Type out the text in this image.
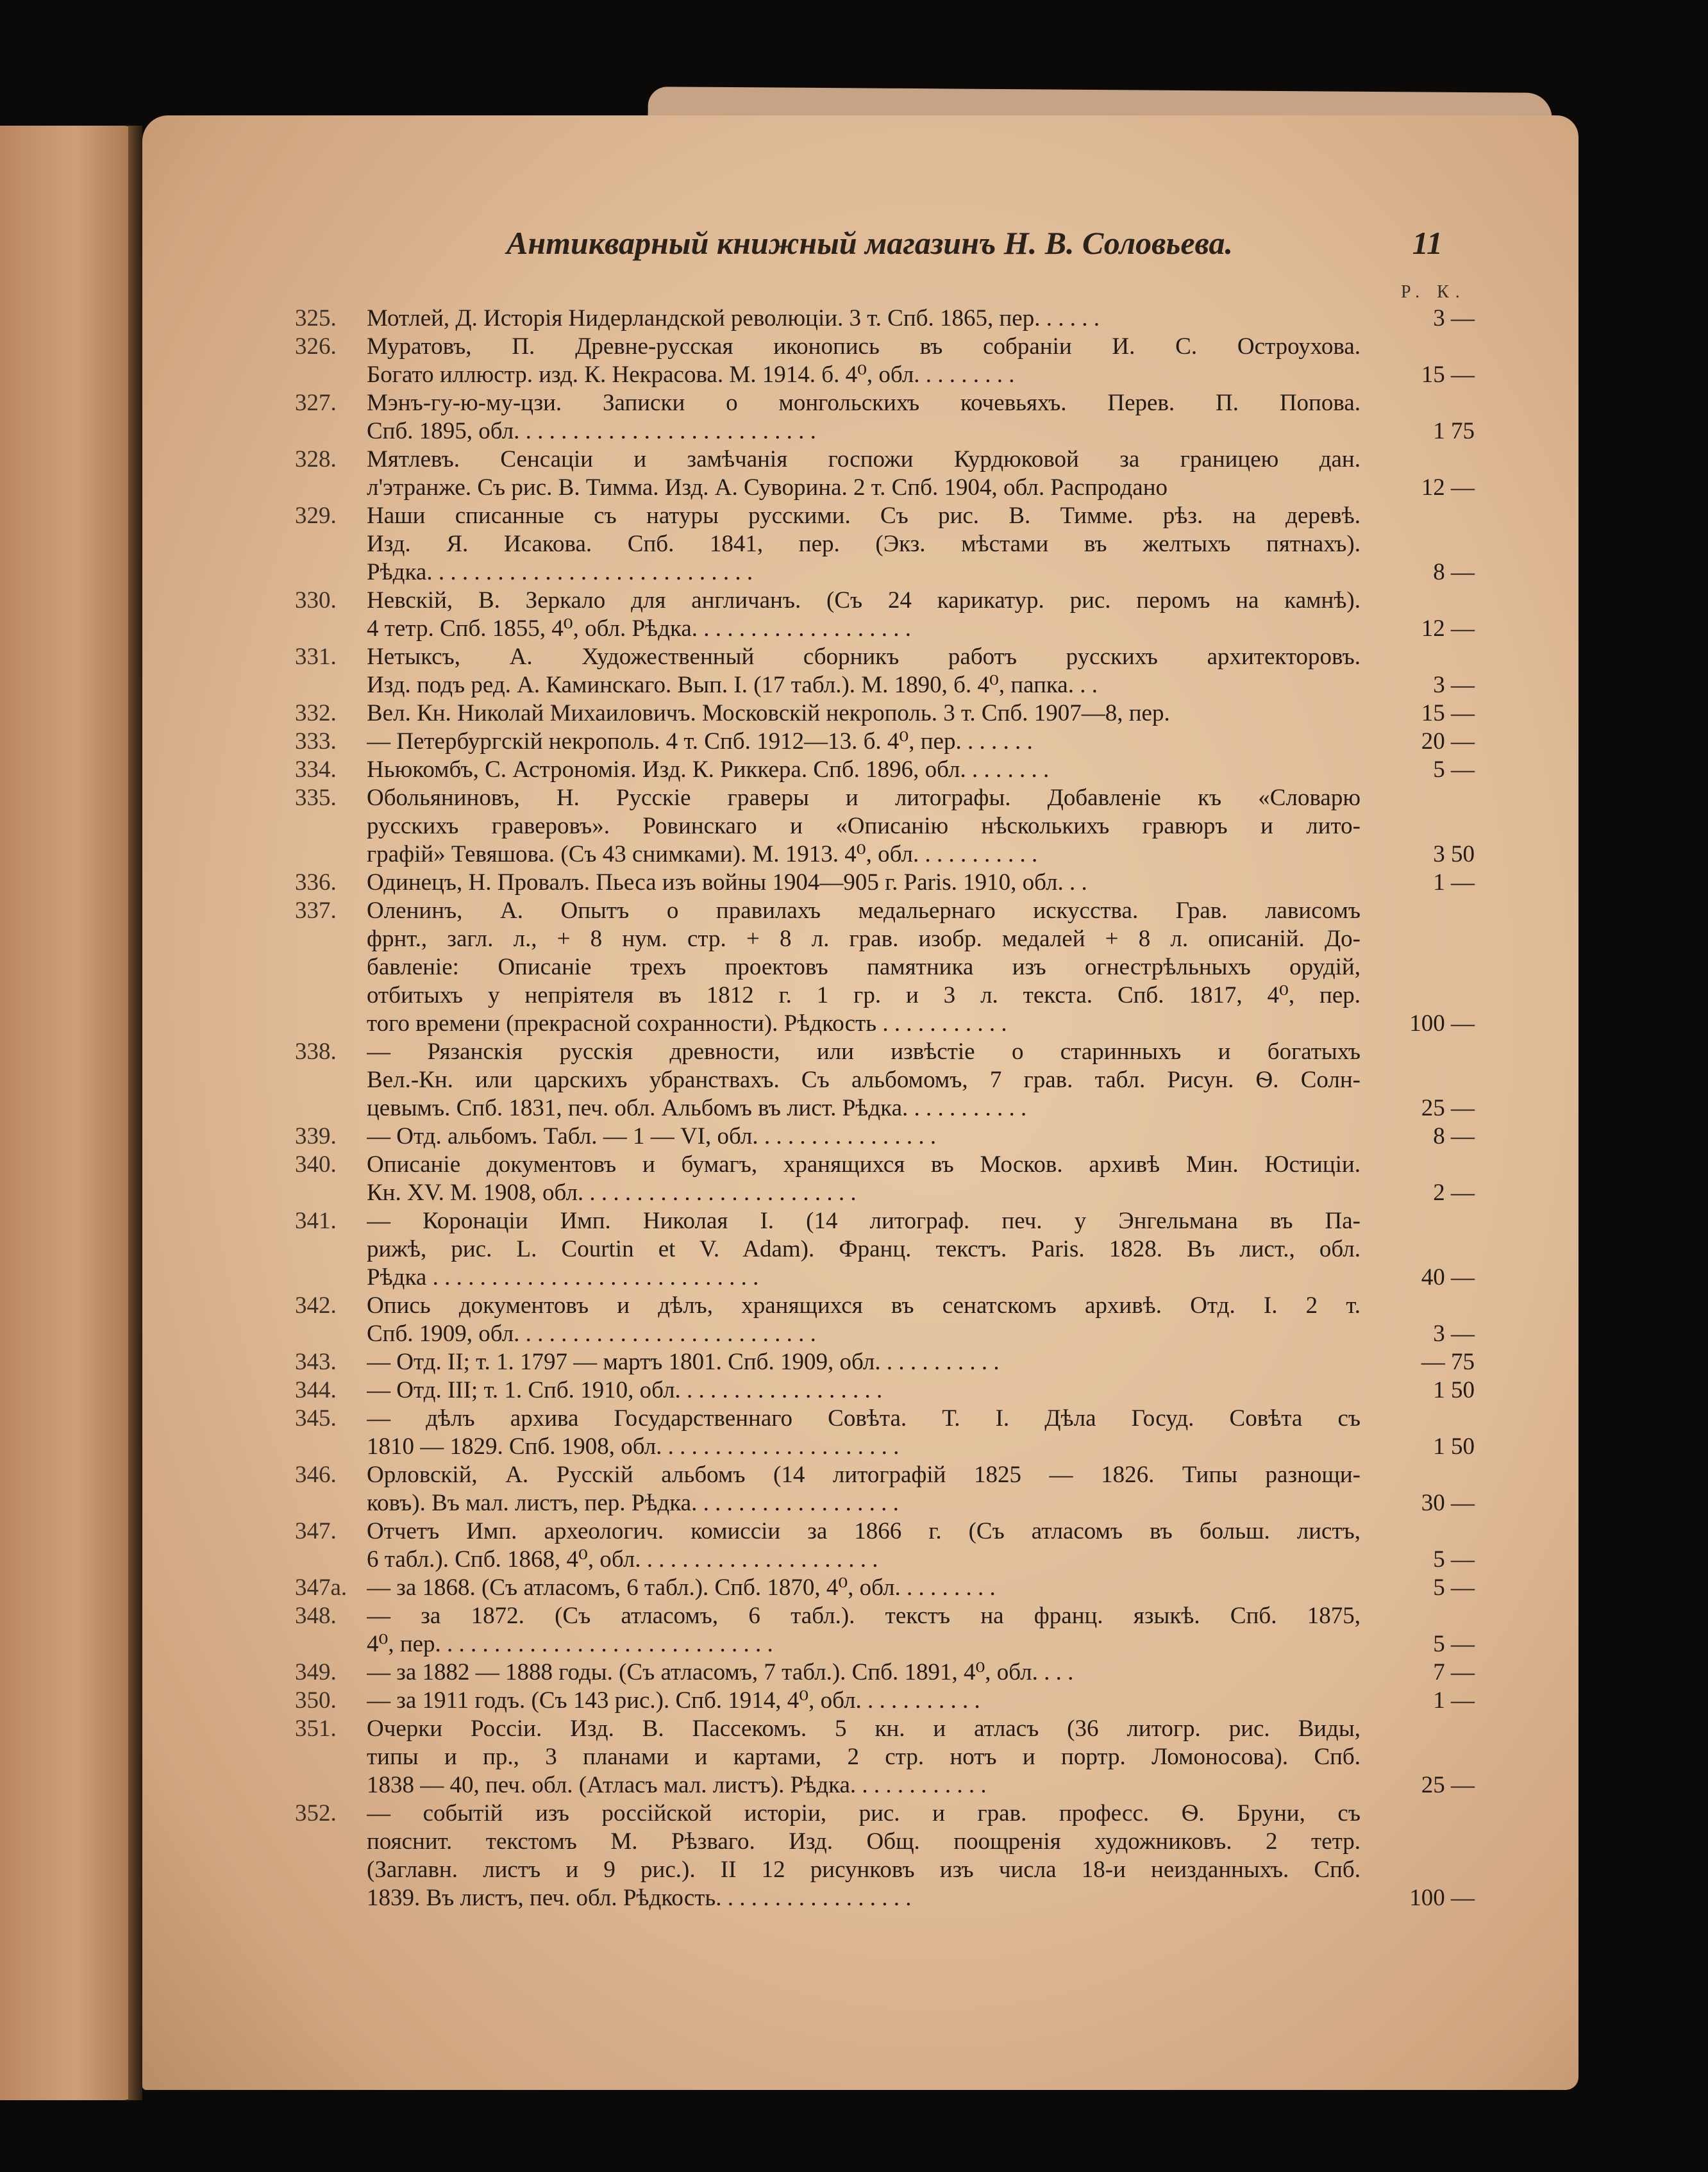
Антикварный книжный магазинъ Н. В. Соловьева.	11
Р. К.
325.	Мотлей, Д. Исторія Нидерландской революціи. 3 т. Спб. 1865, пер. . . . . .	3 —
326.	Муратовъ, П. Древне-русская иконопись въ собраніи И. С. Остроухова.
Богато иллюстр. изд. К. Некрасова. М. 1914. б. 4⁰, обл. . . . . . . . .	15 —
327.	Мэнъ-гу-ю-му-цзи. Записки о монгольскихъ кочевьяхъ. Перев. П. Попова.
Спб. 1895, обл. . . . . . . . . . . . . . . . . . . . . . . . . .	1 75
328.	Мятлевъ. Сенсаціи и замѣчанія госпожи Курдюковой за границею дан.
л'этранже. Съ рис. В. Тимма. Изд. А. Суворина. 2 т. Спб. 1904, обл. Распродано	12 —
329.	Наши списанные съ натуры русскими. Съ рис. В. Тимме. рѣз. на деревѣ.
Изд. Я. Исакова. Спб. 1841, пер. (Экз. мѣстами въ желтыхъ пятнахъ).
Рѣдка. . . . . . . . . . . . . . . . . . . . . . . . . . . .	8 —
330.	Невскій, В. Зеркало для англичанъ. (Съ 24 карикатур. рис. перомъ на камнѣ).
4 тетр. Спб. 1855, 4⁰, обл. Рѣдка. . . . . . . . . . . . . . . . . . .	12 —
331.	Нетыксъ, А. Художественный сборникъ работъ русскихъ архитекторовъ.
Изд. подъ ред. А. Каминскаго. Вып. I. (17 табл.). М. 1890, б. 4⁰, папка. . .	3 —
332.	Вел. Кн. Николай Михаиловичъ. Московскій некрополь. 3 т. Спб. 1907—8, пер.	15 —
333.	— Петербургскій некрополь. 4 т. Спб. 1912—13. б. 4⁰, пер. . . . . . .	20 —
334.	Ньюкомбъ, С. Астрономія. Изд. К. Риккера. Спб. 1896, обл. . . . . . . .	5 —
335.	Обольяниновъ, Н. Русскіе граверы и литографы. Добавленіе къ «Словарю
русскихъ граверовъ». Ровинскаго и «Описанію нѣсколькихъ гравюръ и лито-
графій» Тевяшова. (Съ 43 снимками). М. 1913. 4⁰, обл. . . . . . . . . . .	3 50
336.	Одинецъ, Н. Провалъ. Пьеса изъ войны 1904—905 г. Paris. 1910, обл. . .	1 —
337.	Оленинъ, А. Опытъ о правилахъ медальернаго искусства. Грав. лависомъ
фрнт., загл. л., + 8 нум. стр. + 8 л. грав. изобр. медалей + 8 л. описаній. До-
бавленіе: Описаніе трехъ проектовъ памятника изъ огнестрѣльныхъ орудій,
отбитыхъ у непріятеля въ 1812 г. 1 гр. и 3 л. текста. Спб. 1817, 4⁰, пер.
того времени (прекрасной сохранности). Рѣдкость . . . . . . . . . . .	100 —
338.	— Рязанскія русскія древности, или извѣстіе о старинныхъ и богатыхъ
Вел.-Кн. или царскихъ убранствахъ. Съ альбомомъ, 7 грав. табл. Рисун. Ѳ. Солн-
цевымъ. Спб. 1831, печ. обл. Альбомъ въ лист. Рѣдка. . . . . . . . . . .	25 —
339.	— Отд. альбомъ. Табл. — 1 — VI, обл. . . . . . . . . . . . . . . .	8 —
340.	Описаніе документовъ и бумагъ, хранящихся въ Москов. архивѣ Мин. Юстиціи.
Кн. XV. М. 1908, обл. . . . . . . . . . . . . . . . . . . . . . . .	2 —
341.	— Коронаціи Имп. Николая I. (14 литограф. печ. у Энгельмана въ Па-
рижѣ, рис. L. Courtin et V. Adam). Франц. текстъ. Paris. 1828. Въ лист., обл.
Рѣдка . . . . . . . . . . . . . . . . . . . . . . . . . . . .	40 —
342.	Опись документовъ и дѣлъ, хранящихся въ сенатскомъ архивѣ. Отд. I. 2 т.
Спб. 1909, обл. . . . . . . . . . . . . . . . . . . . . . . . . .	3 —
343.	— Отд. II; т. 1. 1797 — мартъ 1801. Спб. 1909, обл. . . . . . . . . . .	— 75
344.	— Отд. III; т. 1. Спб. 1910, обл. . . . . . . . . . . . . . . . . .	1 50
345.	— дѣлъ архива Государственнаго Совѣта. Т. I. Дѣла Госуд. Совѣта съ
1810 — 1829. Спб. 1908, обл. . . . . . . . . . . . . . . . . . . . .	1 50
346.	Орловскій, А. Русскій альбомъ (14 литографій 1825 — 1826. Типы разнощи-
ковъ). Въ мал. листъ, пер. Рѣдка. . . . . . . . . . . . . . . . . .	30 —
347.	Отчетъ Имп. археологич. комиссіи за 1866 г. (Съ атласомъ въ больш. листъ,
6 табл.). Спб. 1868, 4⁰, обл. . . . . . . . . . . . . . . . . . . . .	5 —
347а. — за 1868. (Съ атласомъ, 6 табл.). Спб. 1870, 4⁰, обл. . . . . . . . .	5 —
348.	— за 1872. (Съ атласомъ, 6 табл.). текстъ на франц. языкѣ. Спб. 1875,
4⁰, пер. . . . . . . . . . . . . . . . . . . . . . . . . . . . .	5 —
349.	— за 1882 — 1888 годы. (Съ атласомъ, 7 табл.). Спб. 1891, 4⁰, обл. . . .	7 —
350.	— за 1911 годъ. (Съ 143 рис.). Спб. 1914, 4⁰, обл. . . . . . . . . . .	1 —
351.	Очерки Россіи. Изд. В. Пассекомъ. 5 кн. и атласъ (36 литогр. рис. Виды,
типы и пр., 3 планами и картами, 2 стр. нотъ и портр. Ломоносова). Спб.
1838 — 40, печ. обл. (Атласъ мал. листъ). Рѣдка. . . . . . . . . . . .	25 —
352.	— событій изъ россійской исторіи, рис. и грав. професс. Ѳ. Бруни, съ
пояснит. текстомъ М. Рѣзваго. Изд. Общ. поощренія художниковъ. 2 тетр.
(Заглавн. листъ и 9 рис.). II 12 рисунковъ изъ числа 18-и неизданныхъ. Спб.
1839. Въ листъ, печ. обл. Рѣдкость. . . . . . . . . . . . . . . . .	100 —
